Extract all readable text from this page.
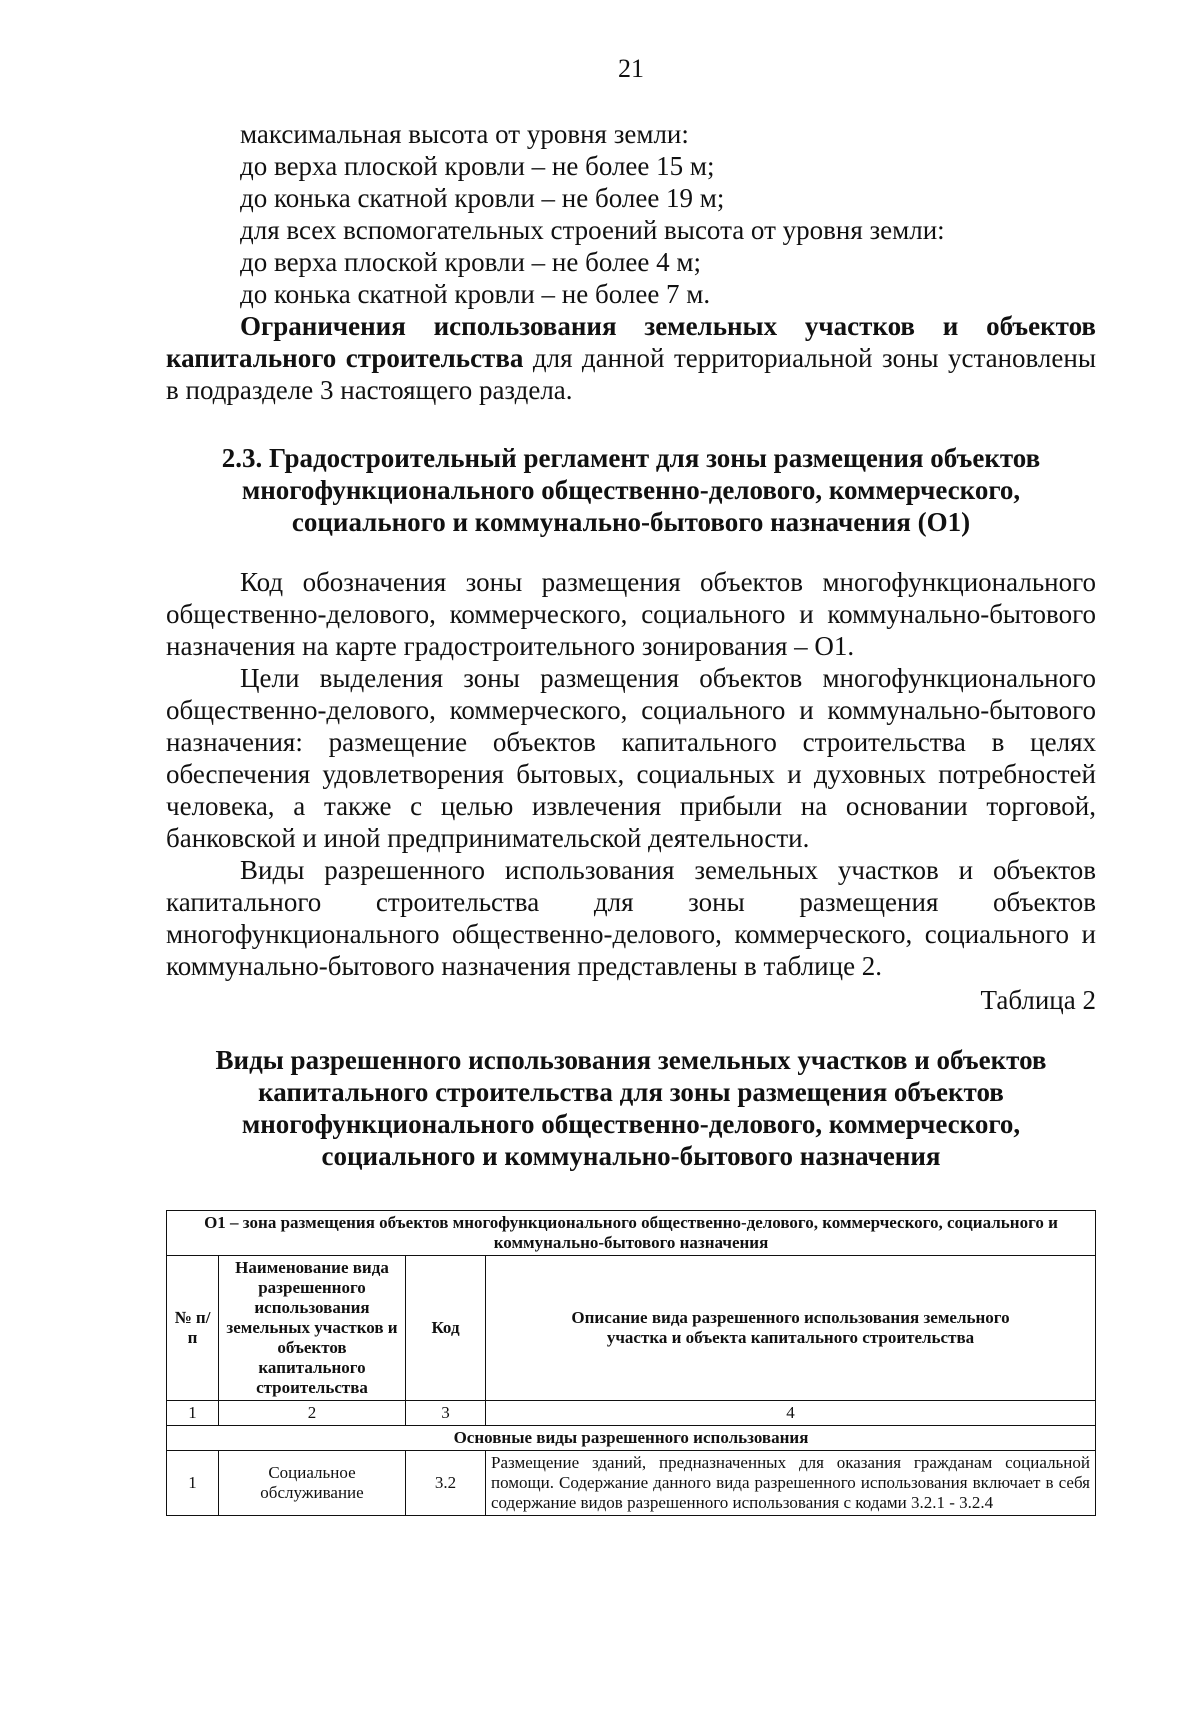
21
максимальная высота от уровня земли:
до верха плоской кровли – не более 15 м;
до конька скатной кровли – не более 19 м;
для всех вспомогательных строений высота от уровня земли:
до верха плоской кровли – не более 4 м;
до конька скатной кровли – не более 7 м.

Ограничения использования земельных участков и объектов капитального строительства для данной территориальной зоны установлены в подразделе 3 настоящего раздела.

2.3. Градостроительный регламент для зоны размещения объектов многофункционального общественно-делового, коммерческого, социального и коммунально-бытового назначения (О1)

Код обозначения зоны размещения объектов многофункционального общественно-делового, коммерческого, социального и коммунально-бытового назначения на карте градостроительного зонирования – О1.

Цели выделения зоны размещения объектов многофункционального общественно-делового, коммерческого, социального и коммунально-бытового назначения: размещение объектов капитального строительства в целях обеспечения удовлетворения бытовых, социальных и духовных потребностей человека, а также с целью извлечения прибыли на основании торговой, банковской и иной предпринимательской деятельности.

Виды разрешенного использования земельных участков и объектов капитального строительства для зоны размещения объектов многофункционального общественно-делового, коммерческого, социального и коммунально-бытового назначения представлены в таблице 2.

Таблица 2
Виды разрешенного использования земельных участков и объектов капитального строительства для зоны размещения объектов многофункционального общественно-делового, коммерческого, социального и коммунально-бытового назначения
О1 – зона размещения объектов многофункционального общественно-делового, коммерческого, социального и коммунально-бытового назначения			
№ п/п	Наименование вида разрешенного использования земельных участков и объектов капитального строительства	Код	Описание вида разрешенного использования земельного участка и объекта капитального строительства
1	2	3	4
Основные виды разрешенного использования			
1	Социальное обслуживание	3.2	Размещение зданий, предназначенных для оказания гражданам социальной помощи. Содержание данного вида разрешенного использования включает в себя содержание видов разрешенного использования с кодами 3.2.1 - 3.2.4
